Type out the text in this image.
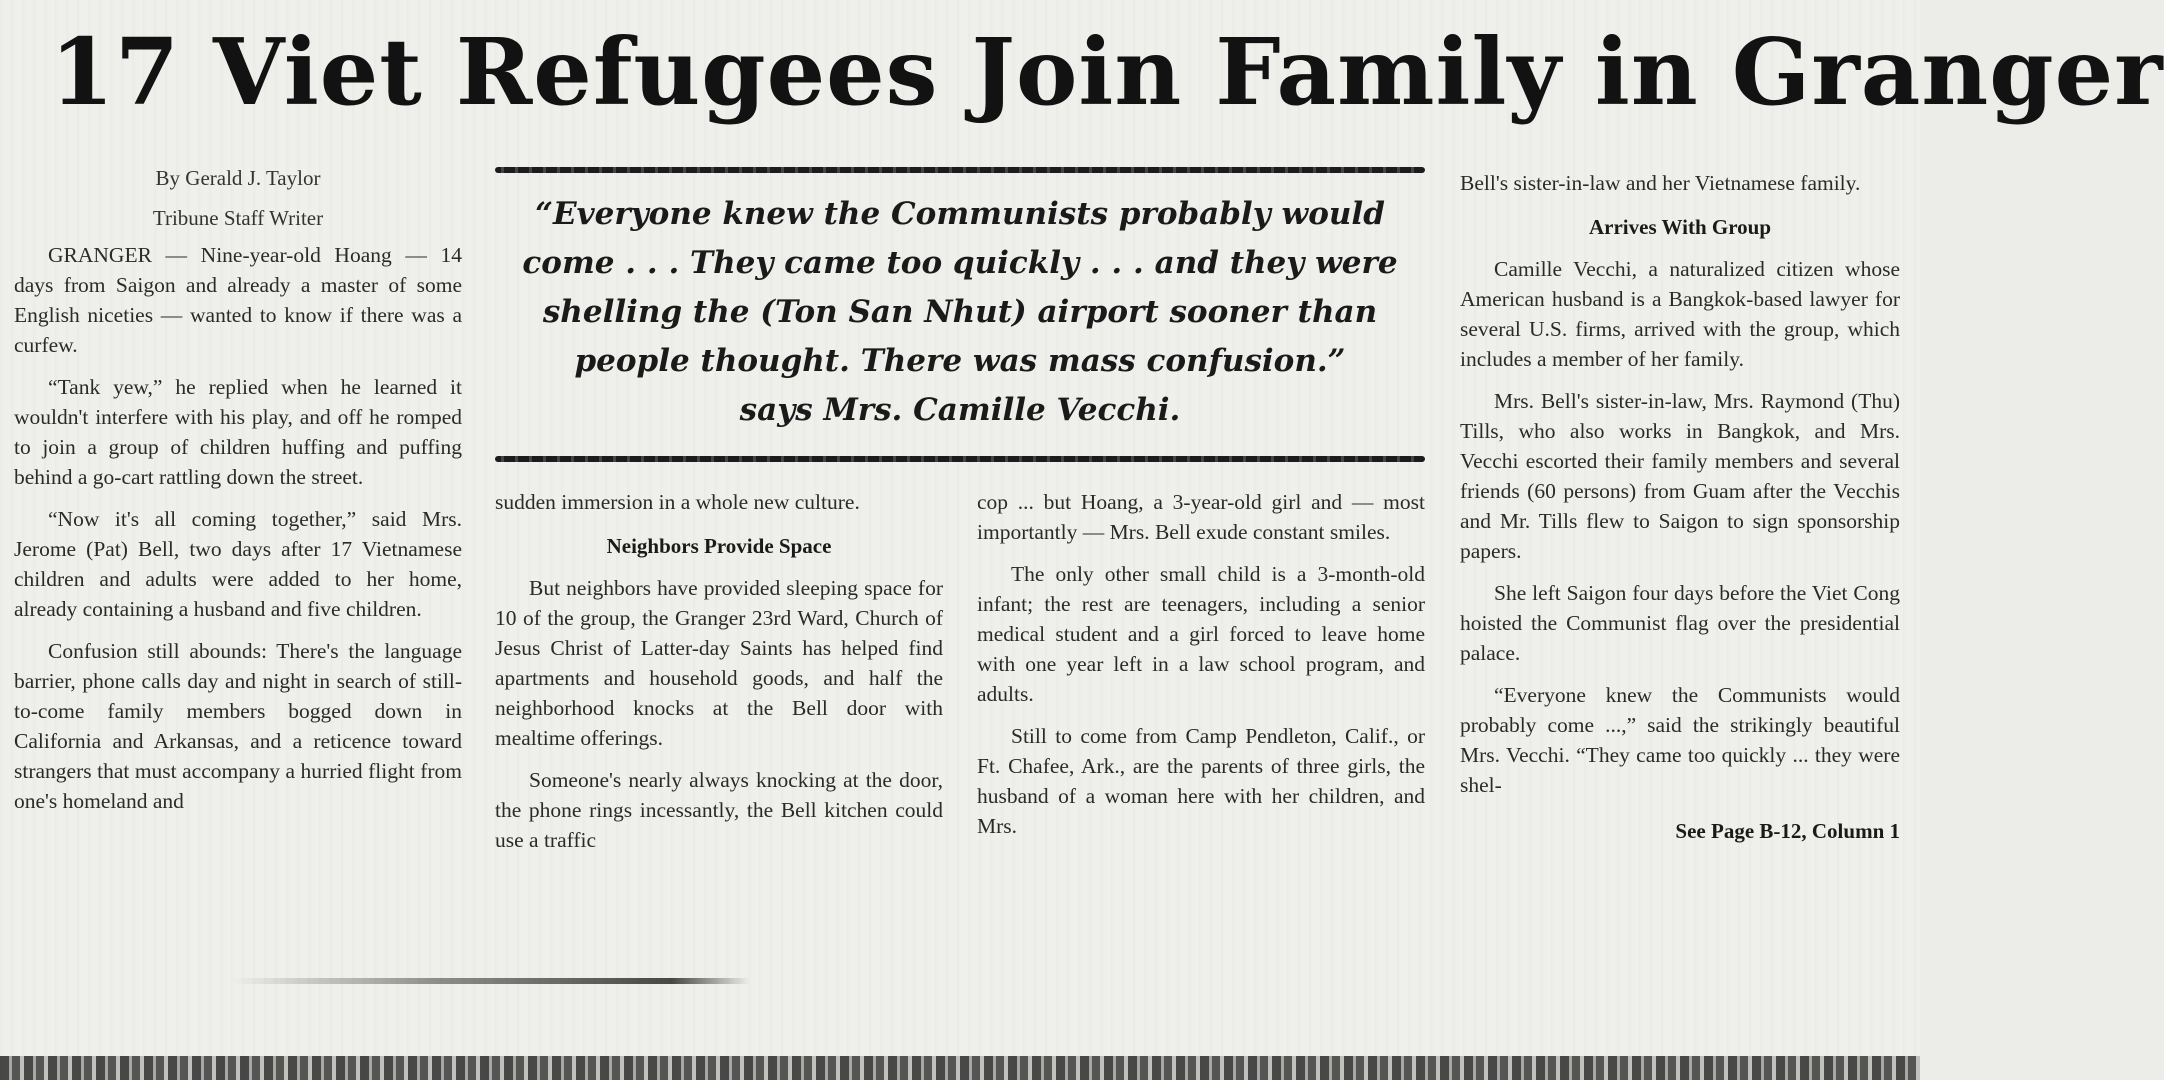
17 Viet Refugees Join Family in Granger
By Gerald J. Taylor
Tribune Staff Writer

GRANGER — Nine-year-old Hoang — 14 days from Saigon and already a master of some English niceties — wanted to know if there was a curfew.

“Tank yew,” he replied when he learned it wouldn't interfere with his play, and off he romped to join a group of children huffing and puffing behind a go-cart rattling down the street.

“Now it's all coming together,” said Mrs. Jerome (Pat) Bell, two days after 17 Vietnamese children and adults were added to her home, already containing a husband and five children.

Confusion still abounds: There's the language barrier, phone calls day and night in search of still-to-come family members bogged down in California and Arkansas, and a reticence toward strangers that must accompany a hurried flight from one's homeland and

“Everyone knew the Communists probably would come . . . They came too quickly . . . and they were shelling the (Ton San Nhut) airport sooner than people thought. There was mass confusion.”
says Mrs. Camille Vecchi.

sudden immersion in a whole new culture.

Neighbors Provide Space

But neighbors have provided sleeping space for 10 of the group, the Granger 23rd Ward, Church of Jesus Christ of Latter-day Saints has helped find apartments and household goods, and half the neighborhood knocks at the Bell door with mealtime offerings.

Someone's nearly always knocking at the door, the phone rings incessantly, the Bell kitchen could use a traffic

cop ... but Hoang, a 3-year-old girl and — most importantly — Mrs. Bell exude constant smiles.

The only other small child is a 3-month-old infant; the rest are teenagers, including a senior medical student and a girl forced to leave home with one year left in a law school program, and adults.

Still to come from Camp Pendleton, Calif., or Ft. Chafee, Ark., are the parents of three girls, the husband of a woman here with her children, and Mrs.

Bell's sister-in-law and her Vietnamese family.

Arrives With Group

Camille Vecchi, a naturalized citizen whose American husband is a Bangkok-based lawyer for several U.S. firms, arrived with the group, which includes a member of her family.

Mrs. Bell's sister-in-law, Mrs. Raymond (Thu) Tills, who also works in Bangkok, and Mrs. Vecchi escorted their family members and several friends (60 persons) from Guam after the Vecchis and Mr. Tills flew to Saigon to sign sponsorship papers.

She left Saigon four days before the Viet Cong hoisted the Communist flag over the presidential palace.

“Everyone knew the Communists would probably come ...,” said the strikingly beautiful Mrs. Vecchi. “They came too quickly ... they were shel-

See Page B-12, Column 1
